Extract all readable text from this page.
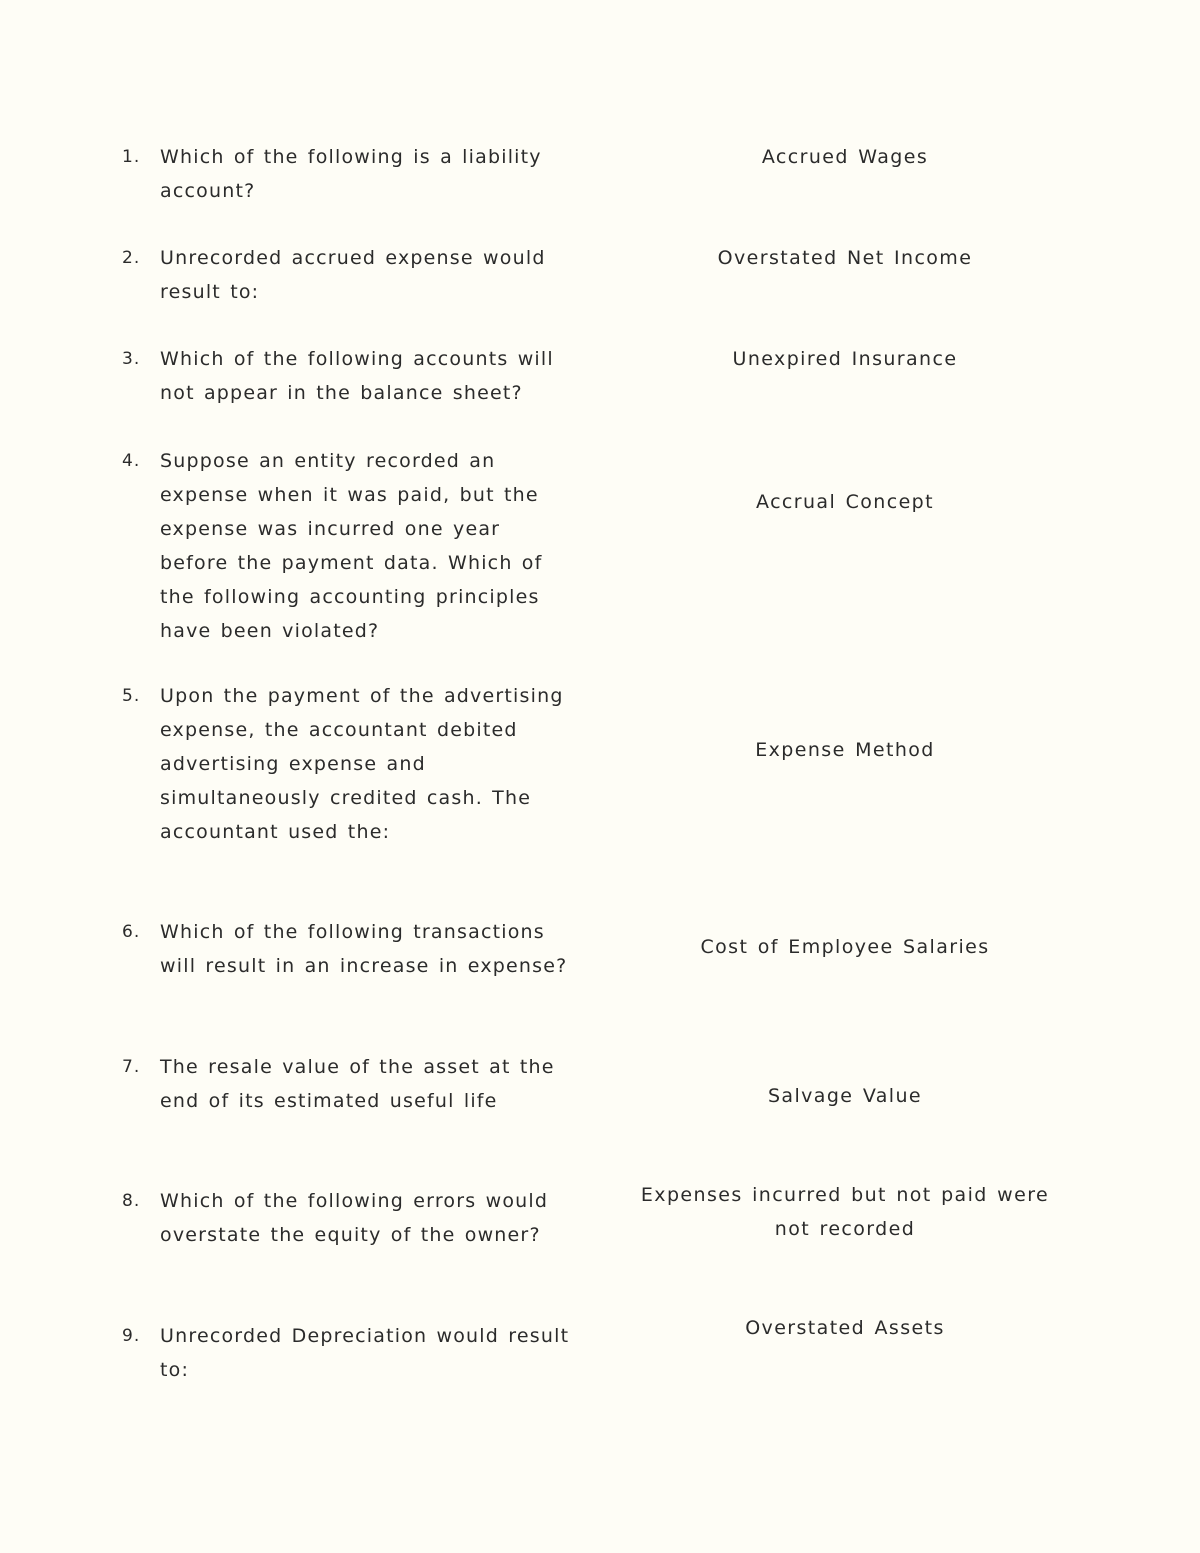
1. Which of the following is a liability account?
Accrued Wages
2. Unrecorded accrued expense would result to:
Overstated Net Income
3. Which of the following accounts will not appear in the balance sheet?
Unexpired Insurance
4. Suppose an entity recorded an expense when it was paid, but the expense was incurred one year before the payment data. Which of the following accounting principles have been violated?
Accrual Concept
5. Upon the payment of the advertising expense, the accountant debited advertising expense and simultaneously credited cash. The accountant used the:
Expense Method
6. Which of the following transactions will result in an increase in expense?
Cost of Employee Salaries
7. The resale value of the asset at the end of its estimated useful life	Salvage Value
8. Which of the following errors would overstate the equity of the owner?
Expenses incurred but not paid were not recorded
9. Unrecorded Depreciation would result to:
Overstated Assets
